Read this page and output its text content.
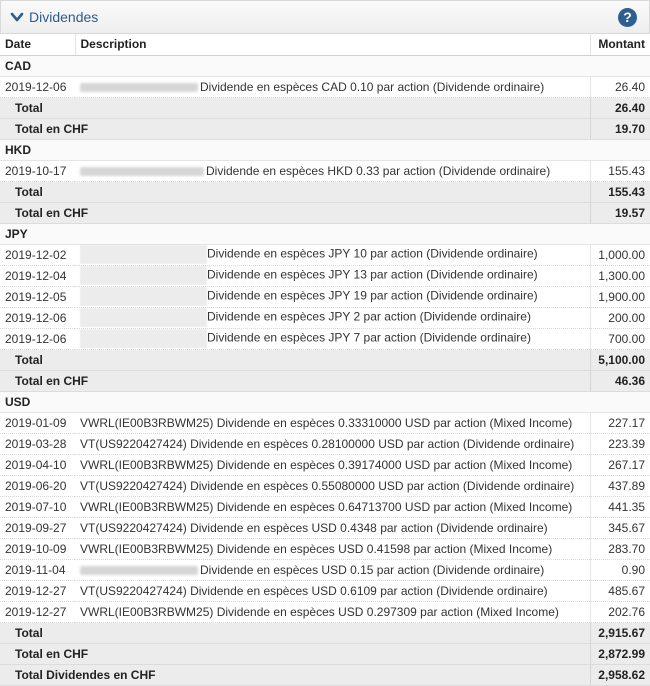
Dividendes	?
Date	Description	Montant
CAD		
2019-12-06	Dividende en espèces CAD 0.10 par action (Dividende ordinaire)	26.40
Total		26.40
Total en CHF		19.70
HKD		
2019-10-17	Dividende en espèces HKD 0.33 par action (Dividende ordinaire)	155.43
Total		155.43
Total en CHF		19.57
JPY		
2019-12-02	Dividende en espèces JPY 10 par action (Dividende ordinaire)	1,000.00
2019-12-04	Dividende en espèces JPY 13 par action (Dividende ordinaire)	1,300.00
2019-12-05	Dividende en espèces JPY 19 par action (Dividende ordinaire)	1,900.00
2019-12-06	Dividende en espèces JPY 2 par action (Dividende ordinaire)	200.00
2019-12-06	Dividende en espèces JPY 7 par action (Dividende ordinaire)	700.00
Total		5,100.00
Total en CHF		46.36
USD		
2019-01-09	VWRL(IE00B3RBWM25) Dividende en espèces 0.33310000 USD par action (Mixed Income)	227.17
2019-03-28	VT(US9220427424) Dividende en espèces 0.28100000 USD par action (Dividende ordinaire)	223.39
2019-04-10	VWRL(IE00B3RBWM25) Dividende en espèces 0.39174000 USD par action (Mixed Income)	267.17
2019-06-20	VT(US9220427424) Dividende en espèces 0.55080000 USD par action (Dividende ordinaire)	437.89
2019-07-10	VWRL(IE00B3RBWM25) Dividende en espèces 0.64713700 USD par action (Mixed Income)	441.35
2019-09-27	VT(US9220427424) Dividende en espèces USD 0.4348 par action (Dividende ordinaire)	345.67
2019-10-09	VWRL(IE00B3RBWM25) Dividende en espèces USD 0.41598 par action (Mixed Income)	283.70
2019-11-04	Dividende en espèces USD 0.15 par action (Dividende ordinaire)	0.90
2019-12-27	VT(US9220427424) Dividende en espèces USD 0.6109 par action (Dividende ordinaire)	485.67
2019-12-27	VWRL(IE00B3RBWM25) Dividende en espèces USD 0.297309 par action (Mixed Income)	202.76
Total		2,915.67
Total en CHF		2,872.99
Total Dividendes en CHF		2,958.62
